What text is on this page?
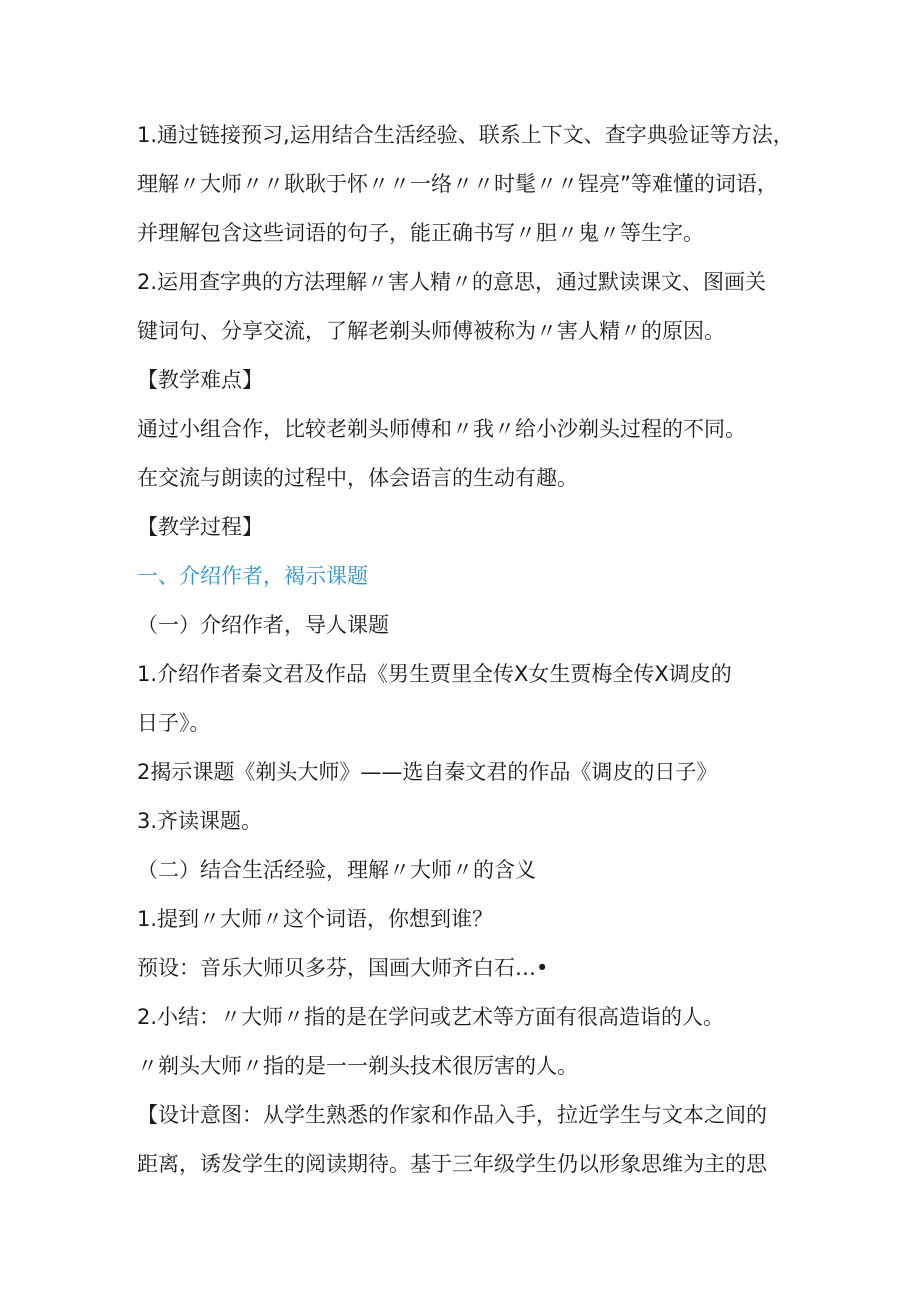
1.通过链接预习,运用结合生活经验、联系上下文、查字典验证等方法，
理解〃大师〃〃耿耿于怀〃〃一络〃〃时髦〃〃锃亮”等难懂的词语，
并理解包含这些词语的句子，能正确书写〃胆〃鬼〃等生字。
2.运用查字典的方法理解〃害人精〃的意思，通过默读课文、图画关
键词句、分享交流，了解老剃头师傅被称为〃害人精〃的原因。
【教学难点】
通过小组合作，比较老剃头师傅和〃我〃给小沙剃头过程的不同。
在交流与朗读的过程中，体会语言的生动有趣。
【教学过程】
一、介绍作者，褐示课题
（一）介绍作者，导人课题
1.介绍作者秦文君及作品《男生贾里全传X女生贾梅全传X调皮的
日子》。
2揭示课题《剃头大师》——选自秦文君的作品《调皮的日子》
3.齐读课题。
（二）结合生活经验，理解〃大师〃的含义
1.提到〃大师〃这个词语，你想到谁？
预设：音乐大师贝多芬，国画大师齐白石…•
2.小结：〃大师〃指的是在学问或艺术等方面有很高造诣的人。
〃剃头大师〃指的是一一剃头技术很厉害的人。
【设计意图：从学生熟悉的作家和作品入手，拉近学生与文本之间的
距离，诱发学生的阅读期待。基于三年级学生仍以形象思维为主的思
